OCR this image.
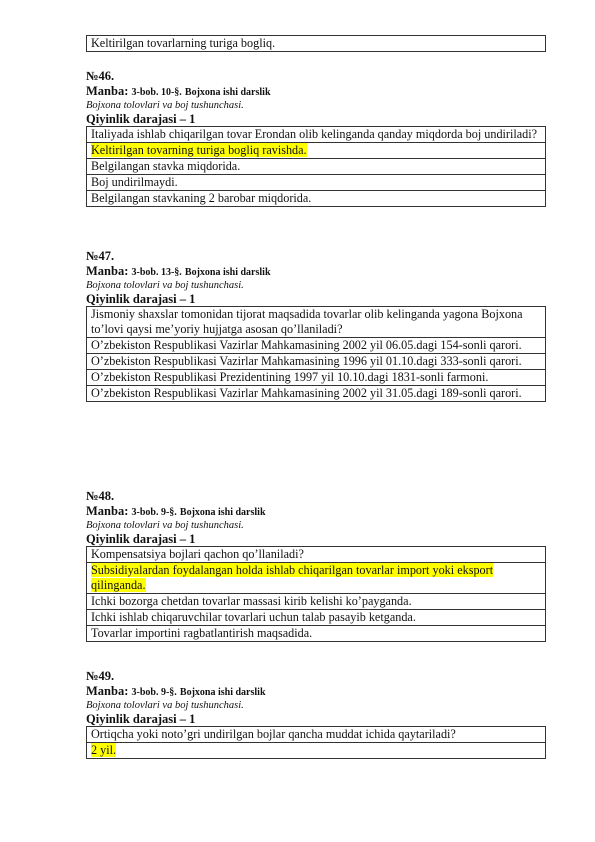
Keltirilgan tovarlarning turiga bogliq.

№46.

Manba: 3-bob. 10-§. Bojxona ishi darslik

Bojxona tolovlari va boj tushunchasi.

Qiyinlik darajasi – 1

Italiyada ishlab chiqarilgan tovar Erondan olib kelinganda qanday miqdorda boj undiriladi?
Keltirilgan tovarning turiga bogliq ravishda.
Belgilangan stavka miqdorida.
Boj undirilmaydi.
Belgilangan stavkaning 2 barobar miqdorida.

№47.

Manba: 3-bob. 13-§. Bojxona ishi darslik

Bojxona tolovlari va boj tushunchasi.

Qiyinlik darajasi – 1

Jismoniy shaxslar tomonidan tijorat maqsadida tovarlar olib kelinganda yagona Bojxona to’lovi qaysi me’yoriy hujjatga asosan qo’llaniladi?
O’zbekiston Respublikasi Vazirlar Mahkamasining 2002 yil 06.05.dagi 154-sonli qarori.
O’zbekiston Respublikasi Vazirlar Mahkamasining 1996 yil 01.10.dagi 333-sonli qarori.
O’zbekiston Respublikasi Prezidentining 1997 yil 10.10.dagi 1831-sonli farmoni.
O’zbekiston Respublikasi Vazirlar Mahkamasining 2002 yil 31.05.dagi 189-sonli qarori.

№48.

Manba: 3-bob. 9-§. Bojxona ishi darslik

Bojxona tolovlari va boj tushunchasi.

Qiyinlik darajasi – 1

Kompensatsiya bojlari qachon qo’llaniladi?
Subsidiyalardan foydalangan holda ishlab chiqarilgan tovarlar import yoki eksport qilinganda.
Ichki bozorga chetdan tovarlar massasi kirib kelishi ko’payganda.
Ichki ishlab chiqaruvchilar tovarlari uchun talab pasayib ketganda.
Tovarlar importini ragbatlantirish maqsadida.

№49.

Manba: 3-bob. 9-§. Bojxona ishi darslik

Bojxona tolovlari va boj tushunchasi.

Qiyinlik darajasi – 1

Ortiqcha yoki noto’gri undirilgan bojlar qancha muddat ichida qaytariladi?
2 yil.
